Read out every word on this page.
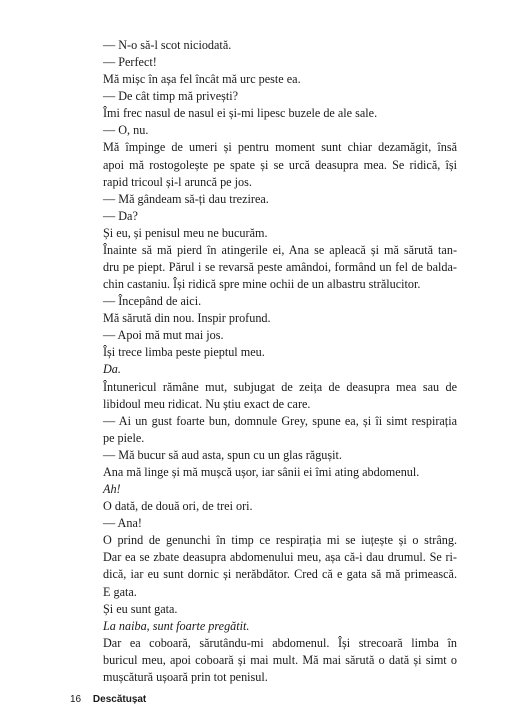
— N-o să-l scot niciodată.
— Perfect!
Mă mișc în așa fel încât mă urc peste ea.
— De cât timp mă privești?
Îmi frec nasul de nasul ei și-mi lipesc buzele de ale sale.
— O, nu.
Mă împinge de umeri și pentru moment sunt chiar dezamăgit, însă
apoi mă rostogolește pe spate și se urcă deasupra mea. Se ridică, își
rapid tricoul și-l aruncă pe jos.
— Mă gândeam să-ți dau trezirea.
— Da?
Și eu, și penisul meu ne bucurăm.
Înainte să mă pierd în atingerile ei, Ana se apleacă și mă sărută tan-
dru pe piept. Părul i se revarsă peste amândoi, formând un fel de balda-
chin castaniu. Își ridică spre mine ochii de un albastru strălucitor.
— Începând de aici.
Mă sărută din nou. Inspir profund.
— Apoi mă mut mai jos.
Își trece limba peste pieptul meu.
Da.
Întunericul rămâne mut, subjugat de zeița de deasupra mea sau de
libidoul meu ridicat. Nu știu exact de care.
— Ai un gust foarte bun, domnule Grey, spune ea, și îi simt respirația
pe piele.
— Mă bucur să aud asta, spun cu un glas răgușit.
Ana mă linge și mă mușcă ușor, iar sânii ei îmi ating abdomenul.
Ah!
O dată, de două ori, de trei ori.
— Ana!
O prind de genunchi în timp ce respirația mi se iuțește și o strâng.
Dar ea se zbate deasupra abdomenului meu, așa că-i dau drumul. Se ri-
dică, iar eu sunt dornic și nerăbdător. Cred că e gata să mă primească.
E gata.
Și eu sunt gata.
La naiba, sunt foarte pregătit.
Dar ea coboară, sărutându-mi abdomenul. Își strecoară limba în
buricul meu, apoi coboară și mai mult. Mă mai sărută o dată și simt o
mușcătură ușoară prin tot penisul.
16 Descătușat
